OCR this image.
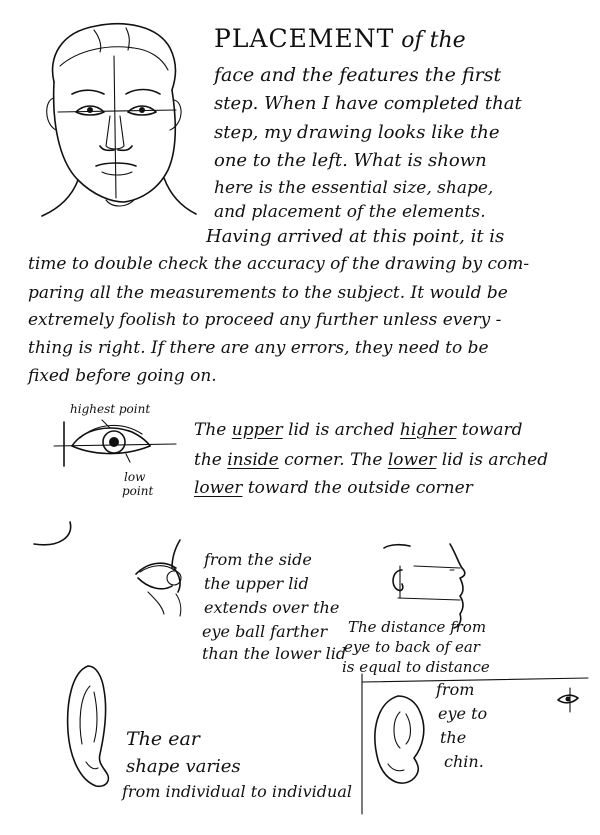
PLACEMENT of the
face and the features the first
step. When I have completed that
step, my drawing looks like the
one to the left. What is shown
here is the essential size, shape,
and placement of the elements.
Having arrived at this point, it is
time to double check the accuracy of the drawing by com-
paring all the measurements to the subject. It would be
extremely foolish to proceed any further unless every -
thing is right. If there are any errors, they need to be
fixed before going on.
highest point
low
point
The upper lid is arched higher toward
the inside corner. The lower lid is arched
lower toward the outside corner
from the side
the upper lid
extends over the
eye ball farther
than the lower lid
The distance from
eye to back of ear
is equal to distance
from
eye to
the
chin.
The ear
shape varies
from individual to individual
